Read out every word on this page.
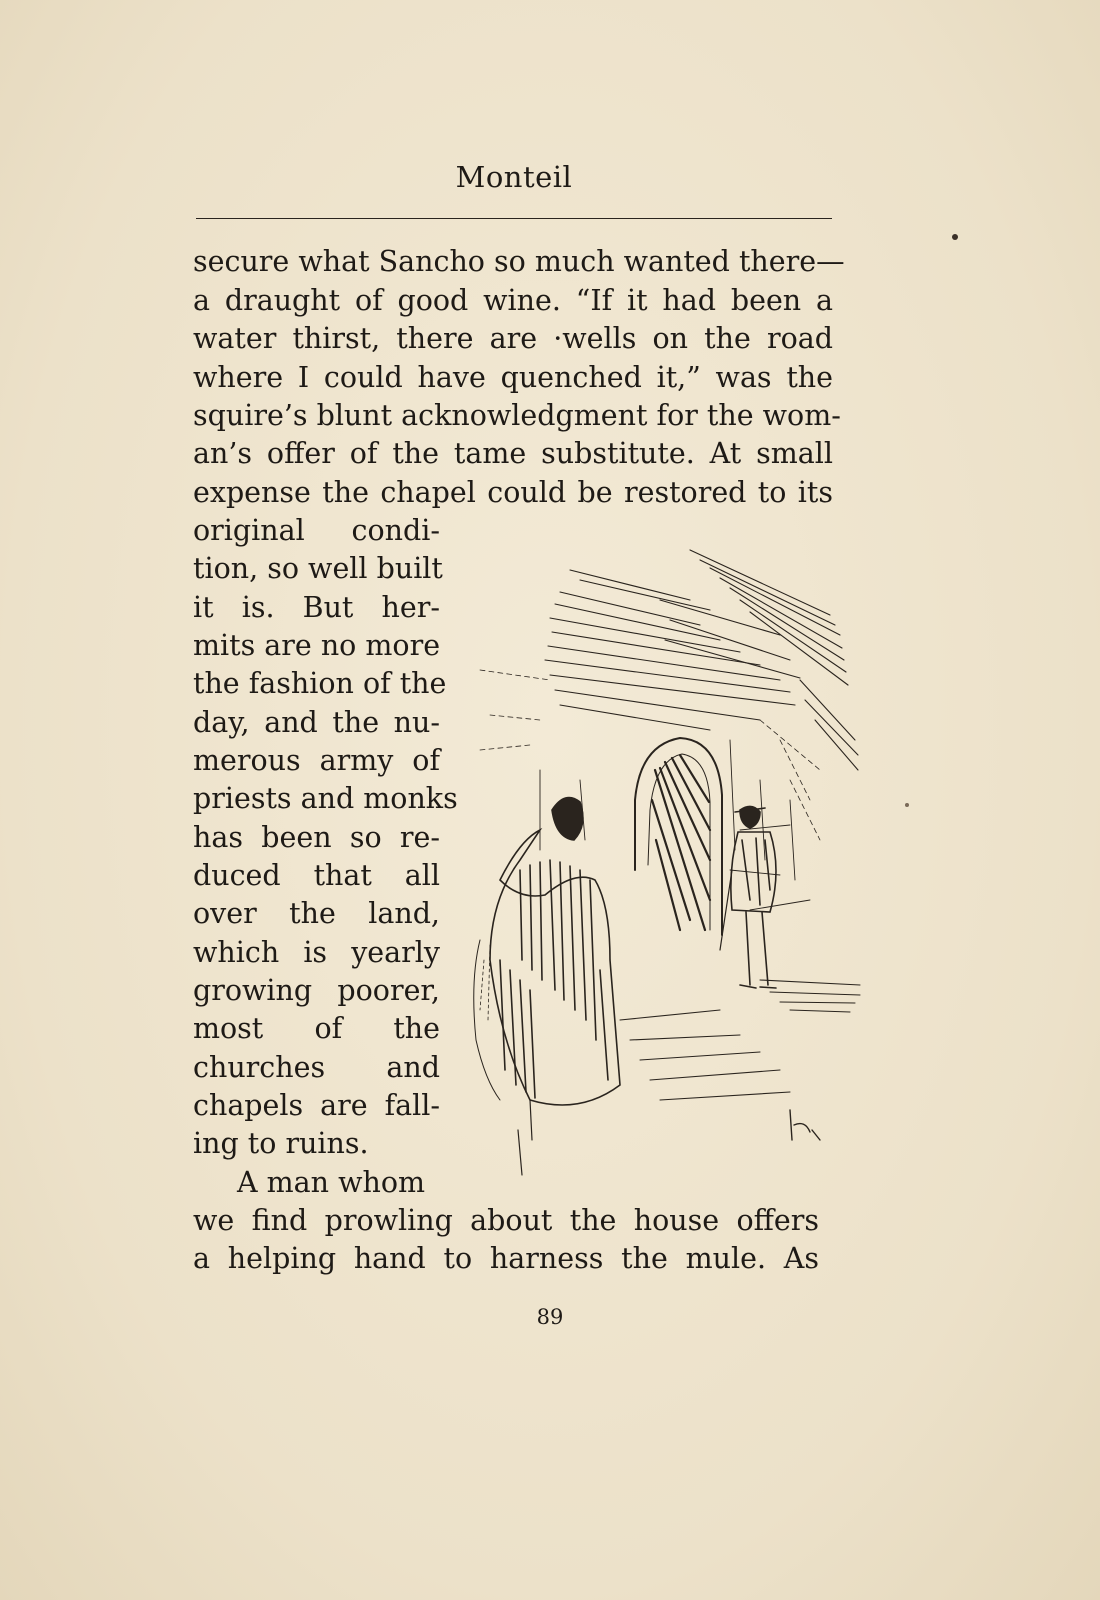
Monteil
secure what Sancho so much wanted there—
a draught of good wine. “If it had been a
water thirst, there are ·wells on the road
where I could have quenched it,” was the
squire’s blunt acknowledgment for the wom-
an’s offer of the tame substitute. At small
expense the chapel could be restored to its
original condi-
tion, so well built
it is. But her-
mits are no more
the fashion of the
day, and the nu-
merous army of
priests and monks
has been so re-
duced that all
over the land,
which is yearly
growing poorer,
most of the
churches and
chapels are fall-
ing to ruins.
A man whom
we find prowling about the house offers
a helping hand to harness the mule. As
89
